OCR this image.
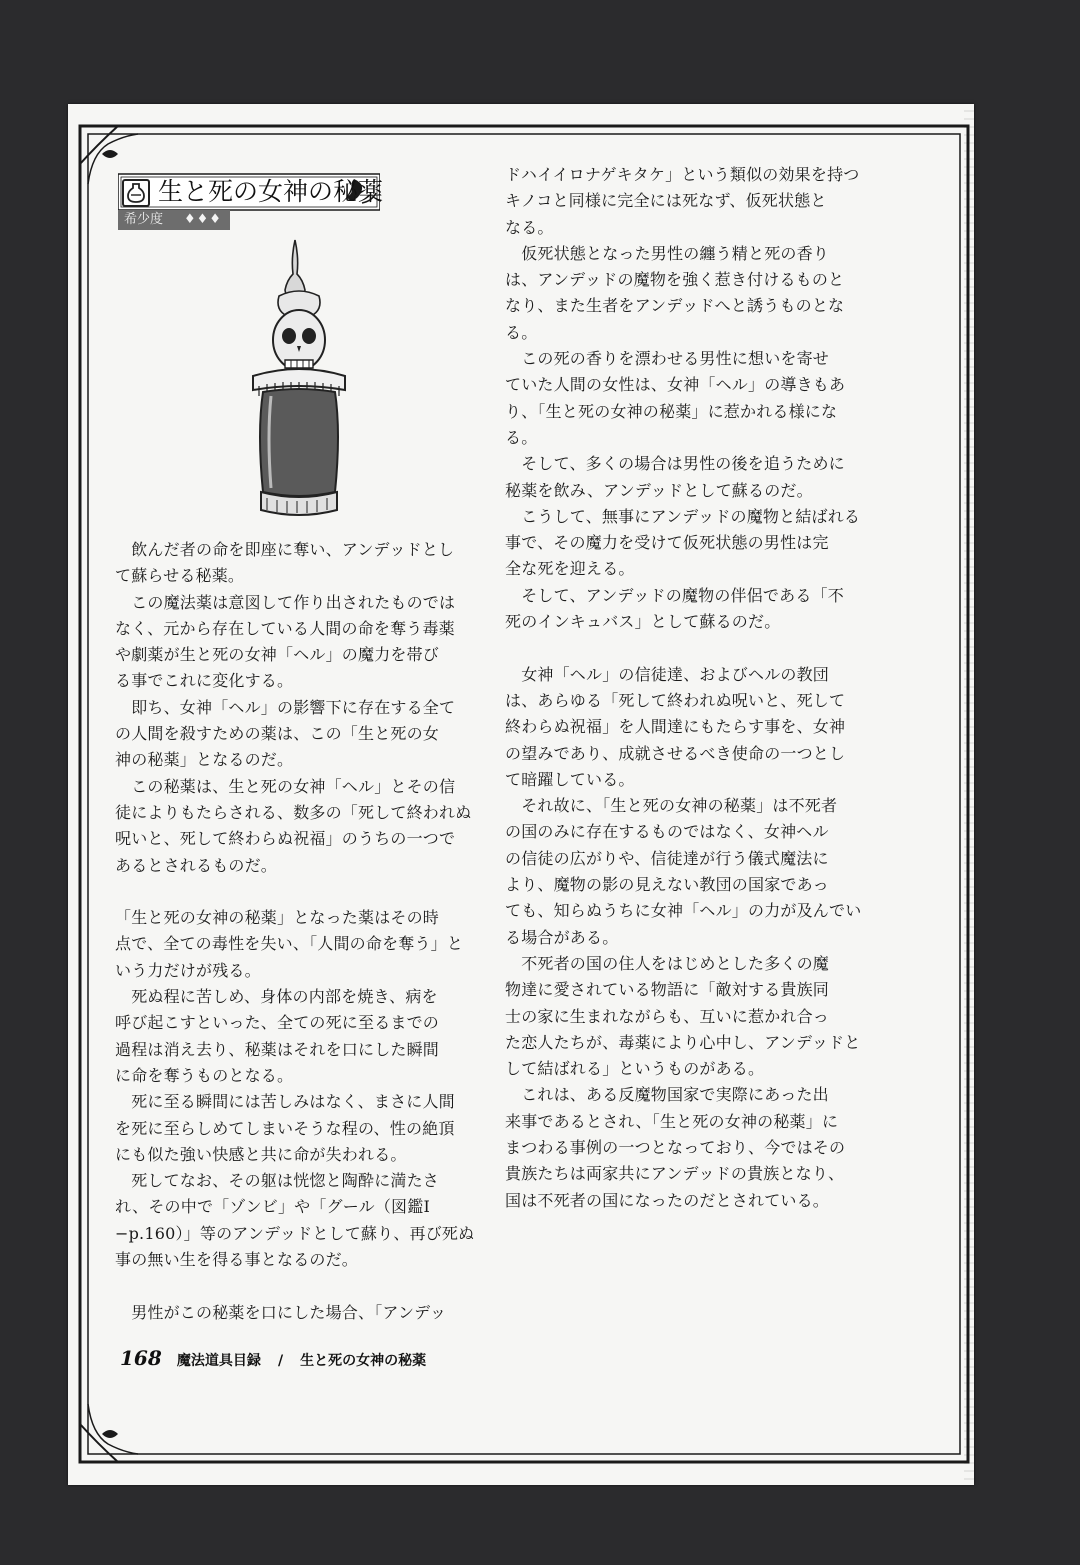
生と死の女神の秘薬
希少度 ♦♦♦

　飲んだ者の命を即座に奪い、アンデッドとし

て蘇らせる秘薬。

　この魔法薬は意図して作り出されたものでは

なく、元から存在している人間の命を奪う毒薬

や劇薬が生と死の女神「ヘル」の魔力を帯び

る事でこれに変化する。

　即ち、女神「ヘル」の影響下に存在する全て

の人間を殺すための薬は、この「生と死の女

神の秘薬」となるのだ。

　この秘薬は、生と死の女神「ヘル」とその信

徒によりもたらされる、数多の「死して終われぬ

呪いと、死して終わらぬ祝福」のうちの一つで

あるとされるものだ。

「生と死の女神の秘薬」となった薬はその時

点で、全ての毒性を失い、「人間の命を奪う」と

いう力だけが残る。

　死ぬ程に苦しめ、身体の内部を焼き、病を

呼び起こすといった、全ての死に至るまでの

過程は消え去り、秘薬はそれを口にした瞬間

に命を奪うものとなる。

　死に至る瞬間には苦しみはなく、まさに人間

を死に至らしめてしまいそうな程の、性の絶頂

にも似た強い快感と共に命が失われる。

　死してなお、その躯は恍惚と陶酔に満たさ

れ、その中で「ゾンビ」や「グール（図鑑Ⅰ

−p.160）」等のアンデッドとして蘇り、再び死ぬ

事の無い生を得る事となるのだ。

　男性がこの秘薬を口にした場合、「アンデッ

ドハイイロナゲキタケ」という類似の効果を持つ

キノコと同様に完全には死なず、仮死状態と

なる。

　仮死状態となった男性の纏う精と死の香り

は、アンデッドの魔物を強く惹き付けるものと

なり、また生者をアンデッドへと誘うものとな

る。

　この死の香りを漂わせる男性に想いを寄せ

ていた人間の女性は、女神「ヘル」の導きもあ

り、「生と死の女神の秘薬」に惹かれる様にな

る。

　そして、多くの場合は男性の後を追うために

秘薬を飲み、アンデッドとして蘇るのだ。

　こうして、無事にアンデッドの魔物と結ばれる

事で、その魔力を受けて仮死状態の男性は完

全な死を迎える。

　そして、アンデッドの魔物の伴侶である「不

死のインキュバス」として蘇るのだ。

　女神「ヘル」の信徒達、およびヘルの教団

は、あらゆる「死して終われぬ呪いと、死して

終わらぬ祝福」を人間達にもたらす事を、女神

の望みであり、成就させるべき使命の一つとし

て暗躍している。

　それ故に、「生と死の女神の秘薬」は不死者

の国のみに存在するものではなく、女神ヘル

の信徒の広がりや、信徒達が行う儀式魔法に

より、魔物の影の見えない教団の国家であっ

ても、知らぬうちに女神「ヘル」の力が及んでい

る場合がある。

　不死者の国の住人をはじめとした多くの魔

物達に愛されている物語に「敵対する貴族同

士の家に生まれながらも、互いに惹かれ合っ

た恋人たちが、毒薬により心中し、アンデッドと

して結ばれる」というものがある。

　これは、ある反魔物国家で実際にあった出

来事であるとされ、「生と死の女神の秘薬」に

まつわる事例の一つとなっており、今ではその

貴族たちは両家共にアンデッドの貴族となり、

国は不死者の国になったのだとされている。

168 魔法道具目録 / 生と死の女神の秘薬
